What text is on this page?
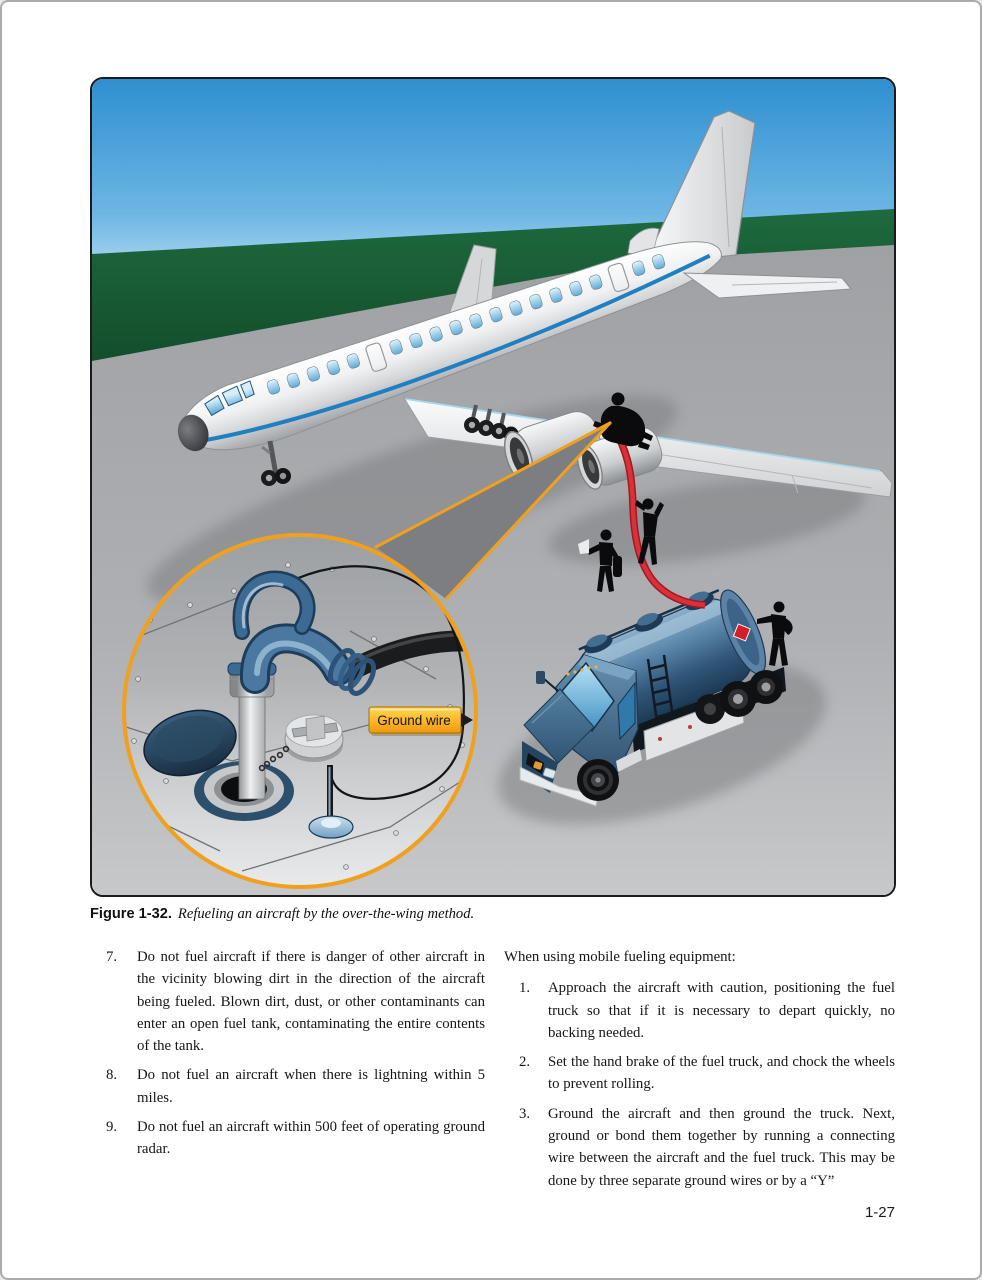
Ground wire
Figure 1-32. Refueling an aircraft by the over-the-wing method.
7.	Do not fuel aircraft if there is danger of other aircraft in the vicinity blowing dirt in the direction of the aircraft being fueled. Blown dirt, dust, or other contaminants can enter an open fuel tank, contaminating the entire contents of the tank.
8.	Do not fuel an aircraft when there is lightning within 5 miles.
9.	Do not fuel an aircraft within 500 feet of operating ground radar.

When using mobile fueling equipment:

1.	Approach the aircraft with caution, positioning the fuel truck so that if it is necessary to depart quickly, no backing needed.
2.	Set the hand brake of the fuel truck, and chock the wheels to prevent rolling.
3.	Ground the aircraft and then ground the truck. Next, ground or bond them together by running a connecting wire between the aircraft and the fuel truck. This may be done by three separate ground wires or by a “Y”
1-27
